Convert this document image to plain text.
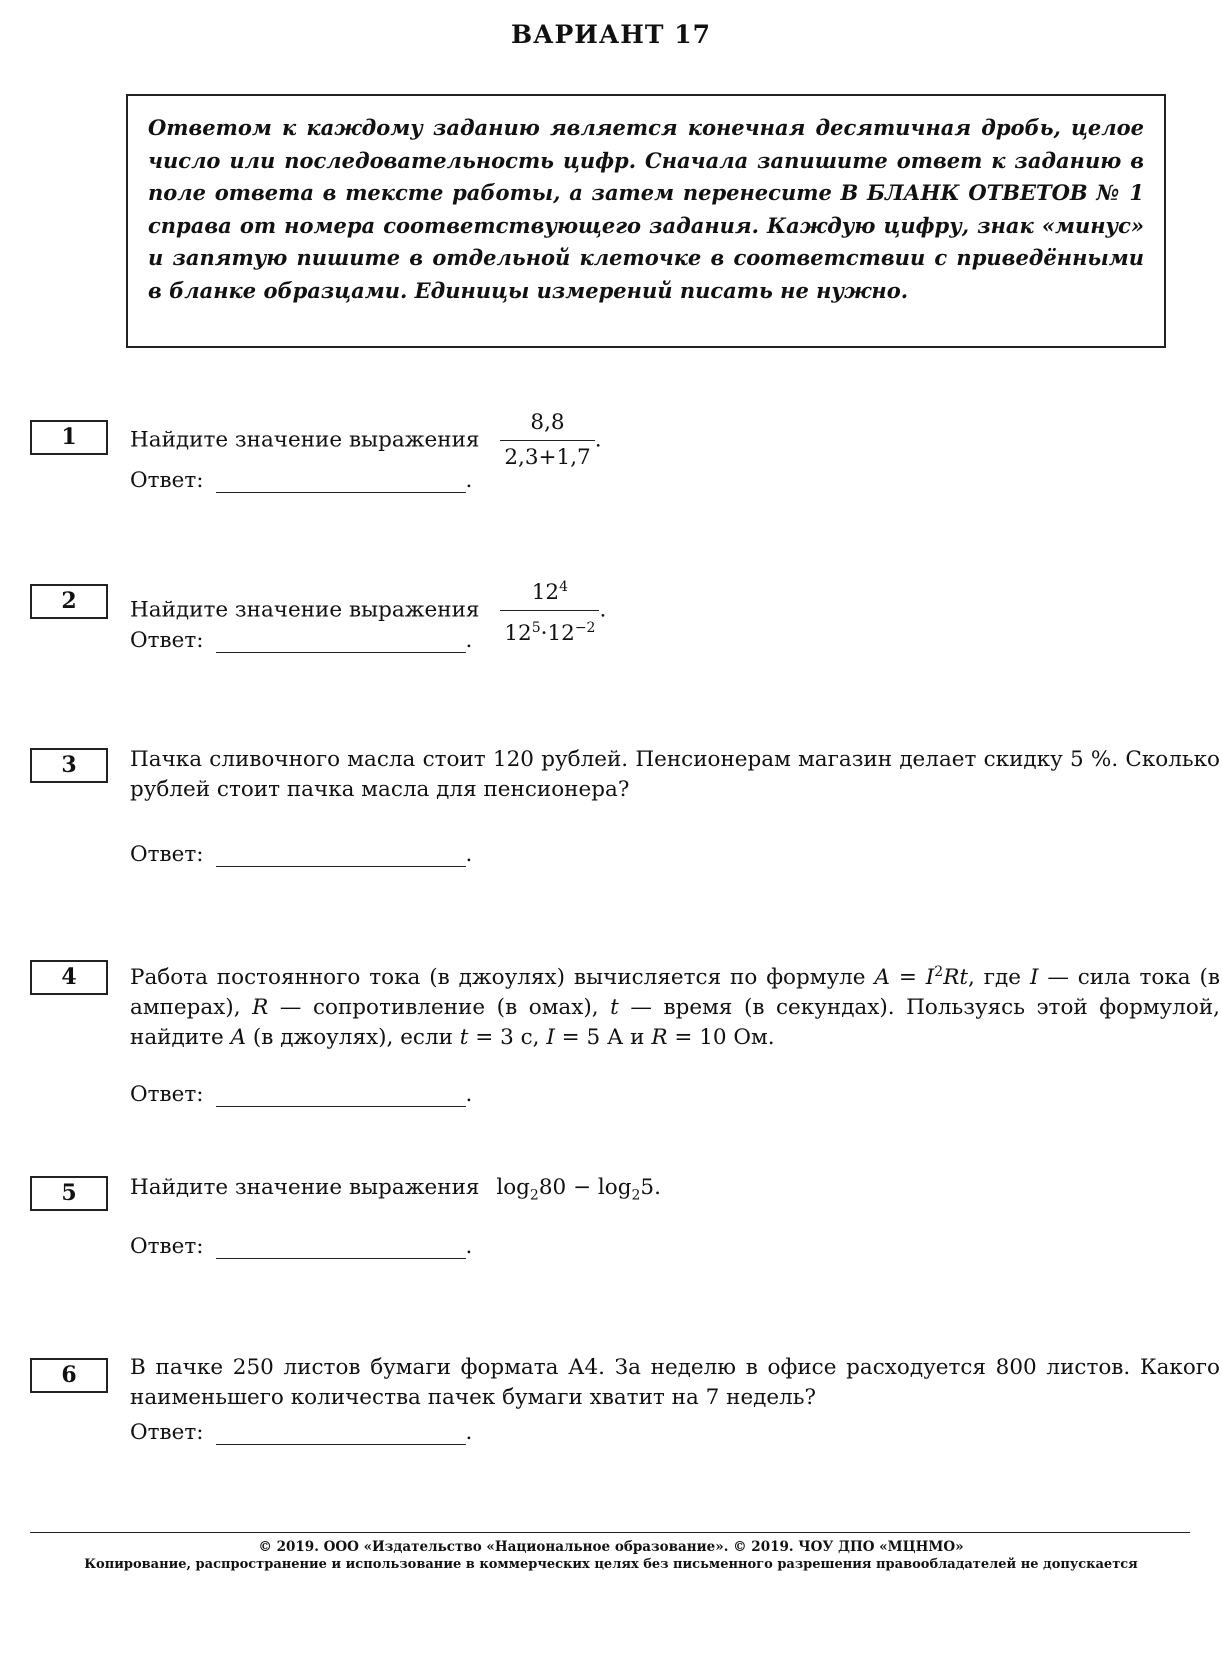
ВАРИАНТ 17
Ответом к каждому заданию является конечная десятичная дробь, целое число или последовательность цифр. Сначала запишите ответ к заданию в поле ответа в тексте работы, а затем перенесите В БЛАНК ОТВЕТОВ № 1 справа от номера соответствующего задания. Каждую цифру, знак «минус» и запятую пишите в отдельной клеточке в соответствии с приведёнными в бланке образцами. Единицы измерений писать не нужно.
1	Найдите значение выражения $\frac{8,8}{2,3+1,7}$ .
Ответ:	.
2	Найдите значение выражения $\frac{12^4}{12^5\cdot 12^{-2}}$ .
Ответ:	.
3	Пачка сливочного масла стоит 120 рублей. Пенсионерам магазин делает скидку 5 %. Сколько рублей стоит пачка масла для пенсионера?
Ответ:	.
4	Работа постоянного тока (в джоулях) вычисляется по формуле $A = I^2Rt$, где I — сила тока (в амперах), R — сопротивление (в омах), t — время (в секундах). Пользуясь этой формулой, найдите A (в джоулях), если t = 3 с, I = 5 А и R = 10 Ом.
Ответ:	.
5	Найдите значение выражения $\log_280 - \log_25$.
Ответ:	.
6	В пачке 250 листов бумаги формата А4. За неделю в офисе расходуется 800 листов. Какого наименьшего количества пачек бумаги хватит на 7 недель?
Ответ:	.
© 2019. ООО «Издательство «Национальное образование». © 2019. ЧОУ ДПО «МЦНМО»
Копирование, распространение и использование в коммерческих целях без письменного разрешения правообладателей не допускается
